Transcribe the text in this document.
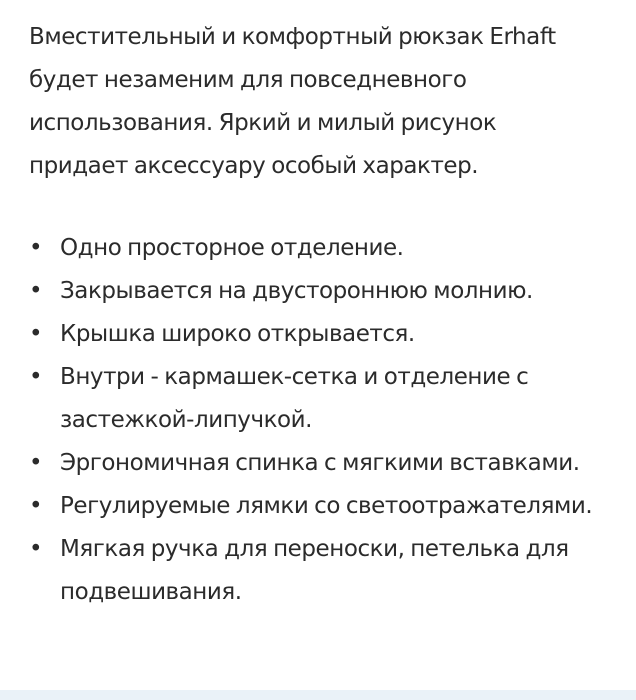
Вместительный и комфортный рюкзак Erhaft будет незаменим для повседневного использования. Яркий и милый рисунок придает аксессуару особый характер.

• Одно просторное отделение.
• Закрывается на двустороннюю молнию.
• Крышка широко открывается.
• Внутри - кармашек-сетка и отделение с застежкой-липучкой.
• Эргономичная спинка с мягкими вставками.
• Регулируемые лямки со светоотражателями.
• Мягкая ручка для переноски, петелька для подвешивания.
